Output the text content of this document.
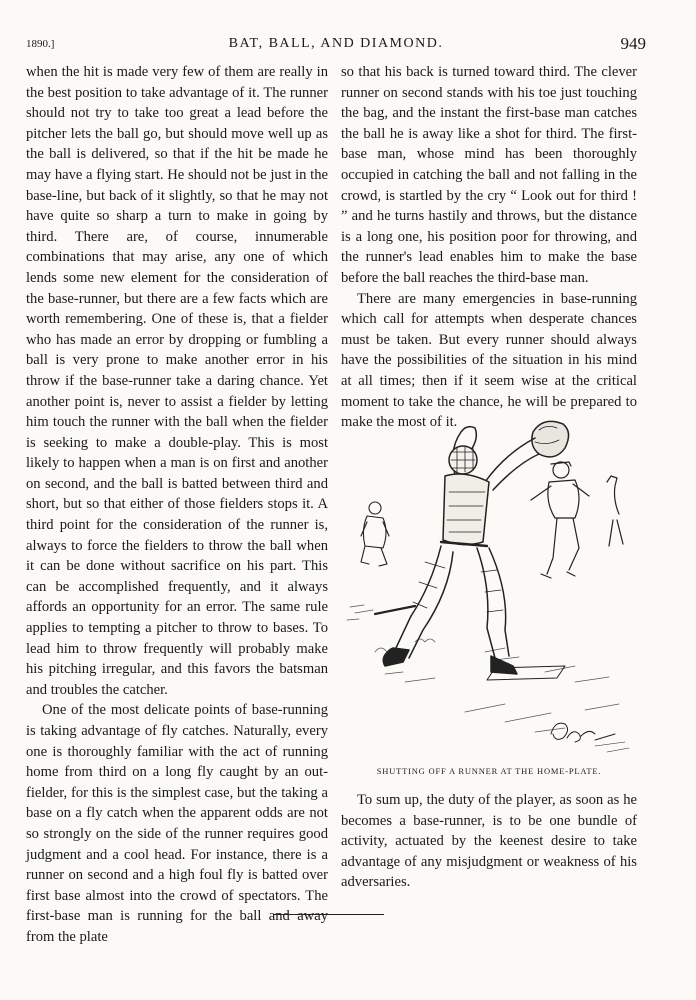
1890.]	BAT, BALL, AND DIAMOND.	949

when the hit is made very few of them are really in the best position to take advantage of it. The runner should not try to take too great a lead before the pitcher lets the ball go, but should move well up as the ball is delivered, so that if the hit be made he may have a flying start. He should not be just in the base-line, but back of it slightly, so that he may not have quite so sharp a turn to make in going by third. There are, of course, innumerable combinations that may arise, any one of which lends some new element for the consideration of the base-runner, but there are a few facts which are worth remembering. One of these is, that a fielder who has made an error by dropping or fumbling a ball is very prone to make another error in his throw if the base-runner take a daring chance. Yet another point is, never to assist a fielder by letting him touch the runner with the ball when the fielder is seeking to make a double-play. This is most likely to happen when a man is on first and another on second, and the ball is batted between third and short, but so that either of those fielders stops it. A third point for the consideration of the runner is, always to force the fielders to throw the ball when it can be done without sacrifice on his part. This can be accomplished frequently, and it always affords an opportunity for an error. The same rule applies to tempting a pitcher to throw to bases. To lead him to throw frequently will probably make his pitching irregular, and this favors the batsman and troubles the catcher.

One of the most delicate points of base-running is taking advantage of fly catches. Naturally, every one is thoroughly familiar with the act of running home from third on a long fly caught by an out-fielder, for this is the simplest case, but the taking a base on a fly catch when the apparent odds are not so strongly on the side of the runner requires good judgment and a cool head. For instance, there is a runner on second and a high foul fly is batted over first base almost into the crowd of spectators. The first-base man is running for the ball and away from the plate

so that his back is turned toward third. The clever runner on second stands with his toe just touching the bag, and the instant the first-base man catches the ball he is away like a shot for third. The first-base man, whose mind has been thoroughly occupied in catching the ball and not falling in the crowd, is startled by the cry “ Look out for third ! ” and he turns hastily and throws, but the distance is a long one, his position poor for throwing, and the runner's lead enables him to make the base before the ball reaches the third-base man.

There are many emergencies in base-running which call for attempts when desperate chances must be taken. But every runner should always have the possibilities of the situation in his mind at all times; then if it seem wise at the critical moment to take the chance, he will be prepared to make the most of it.

SHUTTING OFF A RUNNER AT THE HOME-PLATE.

To sum up, the duty of the player, as soon as he becomes a base-runner, is to be one bundle of activity, actuated by the keenest desire to take advantage of any misjudgment or weakness of his adversaries.
